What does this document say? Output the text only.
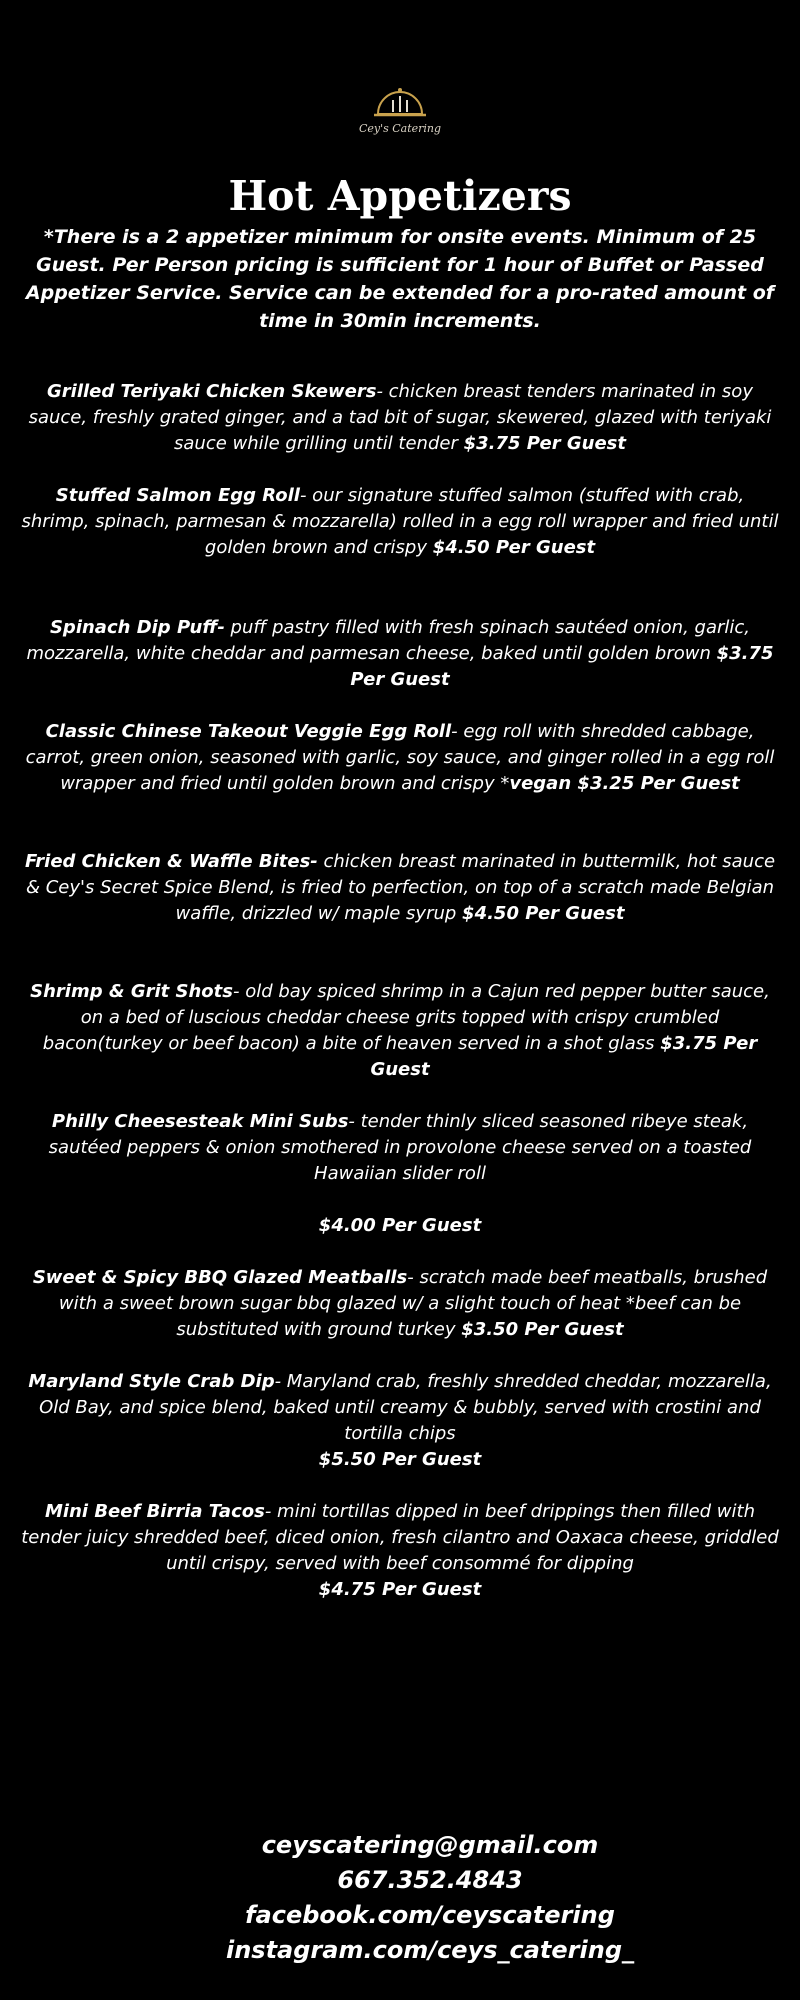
Cey's Catering
Hot Appetizers

*There is a 2 appetizer minimum for onsite events. Minimum of 25 Guest. Per Person pricing is sufficient for 1 hour of Buffet or Passed Appetizer Service. Service can be extended for a pro-rated amount of time in 30min increments.

Grilled Teriyaki Chicken Skewers- chicken breast tenders marinated in soy sauce, freshly grated ginger, and a tad bit of sugar, skewered, glazed with teriyaki sauce while grilling until tender $3.75 Per Guest

Stuffed Salmon Egg Roll- our signature stuffed salmon (stuffed with crab, shrimp, spinach, parmesan & mozzarella) rolled in a egg roll wrapper and fried until golden brown and crispy $4.50 Per Guest

Spinach Dip Puff- puff pastry filled with fresh spinach sautéed onion, garlic, mozzarella, white cheddar and parmesan cheese, baked until golden brown $3.75 Per Guest

Classic Chinese Takeout Veggie Egg Roll- egg roll with shredded cabbage, carrot, green onion, seasoned with garlic, soy sauce, and ginger rolled in a egg roll wrapper and fried until golden brown and crispy *vegan $3.25 Per Guest

Fried Chicken & Waffle Bites- chicken breast marinated in buttermilk, hot sauce & Cey's Secret Spice Blend, is fried to perfection, on top of a scratch made Belgian waffle, drizzled w/ maple syrup $4.50 Per Guest

Shrimp & Grit Shots- old bay spiced shrimp in a Cajun red pepper butter sauce, on a bed of luscious cheddar cheese grits topped with crispy crumbled bacon(turkey or beef bacon) a bite of heaven served in a shot glass $3.75 Per Guest

Philly Cheesesteak Mini Subs- tender thinly sliced seasoned ribeye steak, sautéed peppers & onion smothered in provolone cheese served on a toasted Hawaiian slider roll
$4.00 Per Guest

Sweet & Spicy BBQ Glazed Meatballs- scratch made beef meatballs, brushed with a sweet brown sugar bbq glazed w/ a slight touch of heat *beef can be substituted with ground turkey $3.50 Per Guest

Maryland Style Crab Dip- Maryland crab, freshly shredded cheddar, mozzarella, Old Bay, and spice blend, baked until creamy & bubbly, served with crostini and tortilla chips
$5.50 Per Guest
Mini Beef Birria Tacos- mini tortillas dipped in beef drippings then filled with tender juicy shredded beef, diced onion, fresh cilantro and Oaxaca cheese, griddled until crispy, served with beef consommé for dipping
$4.75 Per Guest
ceyscatering@gmail.com
667.352.4843
facebook.com/ceyscatering
instagram.com/ceys_catering_
